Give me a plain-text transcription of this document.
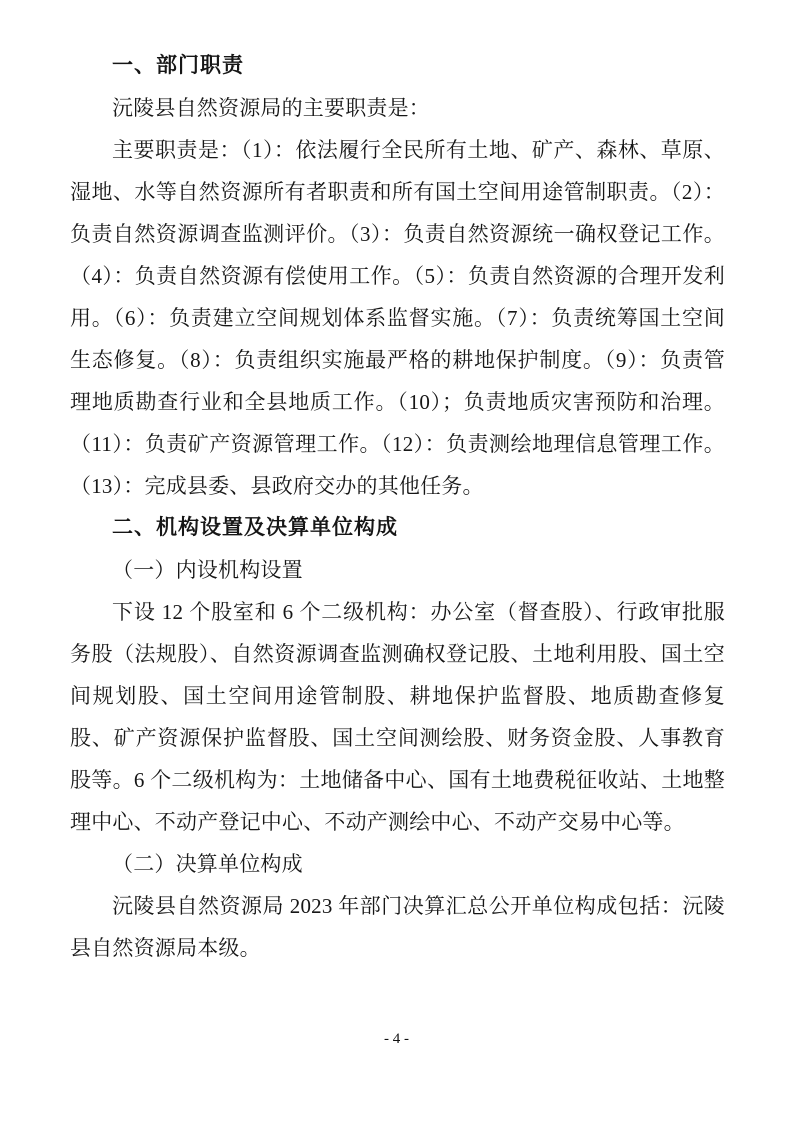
一、部门职责

沅陵县自然资源局的主要职责是：

主要职责是：（1）：依法履行全民所有土地、矿产、森林、草原、湿地、水等自然资源所有者职责和所有国土空间用途管制职责。（2）：负责自然资源调查监测评价。（3）：负责自然资源统一确权登记工作。（4）：负责自然资源有偿使用工作。（5）：负责自然资源的合理开发利用。（6）：负责建立空间规划体系监督实施。（7）：负责统筹国土空间生态修复。（8）：负责组织实施最严格的耕地保护制度。（9）：负责管理地质勘查行业和全县地质工作。（10）；负责地质灾害预防和治理。（11）：负责矿产资源管理工作。（12）：负责测绘地理信息管理工作。（13）：完成县委、县政府交办的其他任务。

二、机构设置及决算单位构成

（一）内设机构设置

下设 12 个股室和 6 个二级机构：办公室（督查股）、行政审批服务股（法规股）、自然资源调查监测确权登记股、土地利用股、国土空间规划股、国土空间用途管制股、耕地保护监督股、地质勘查修复股、矿产资源保护监督股、国土空间测绘股、财务资金股、人事教育股等。6 个二级机构为：土地储备中心、国有土地费税征收站、土地整理中心、不动产登记中心、不动产测绘中心、不动产交易中心等。

（二）决算单位构成

沅陵县自然资源局 2023 年部门决算汇总公开单位构成包括：沅陵县自然资源局本级。

- 4 -
